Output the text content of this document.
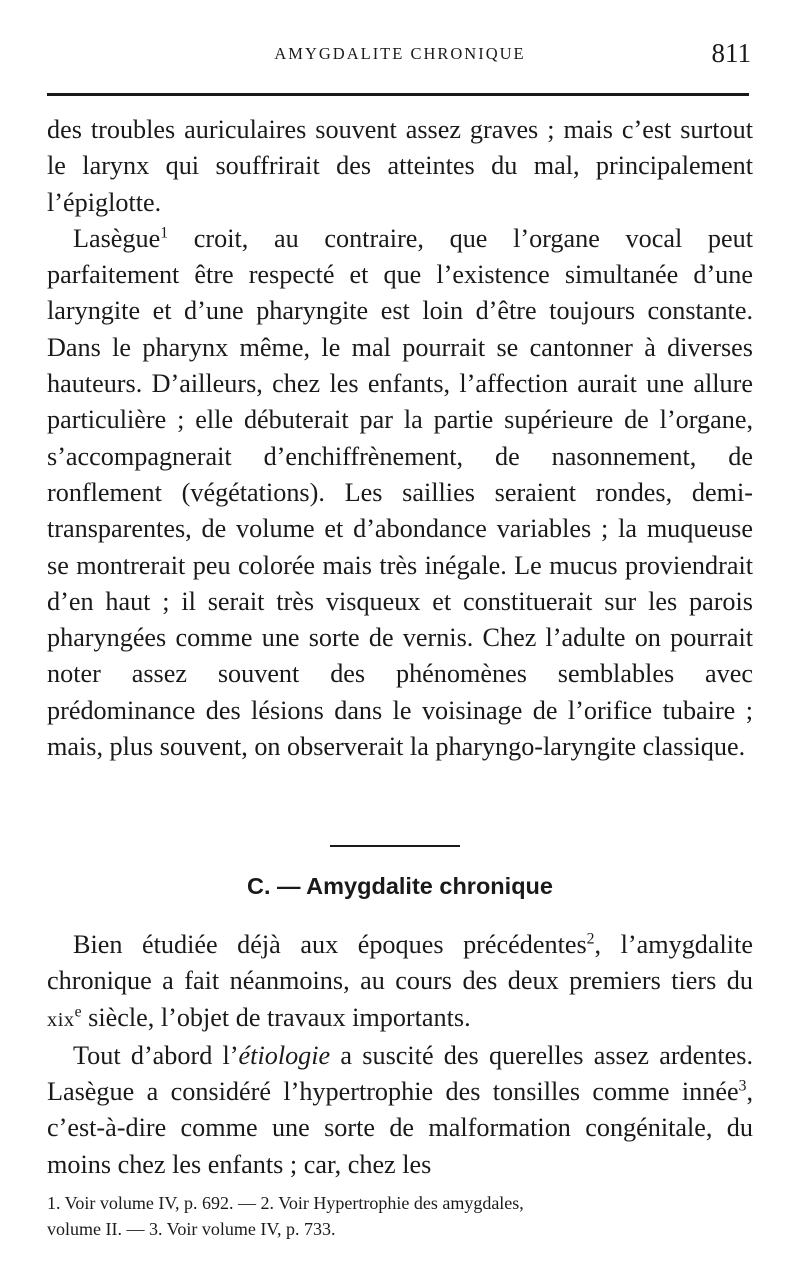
AMYGDALITE CHRONIQUE	811

des troubles auriculaires souvent assez graves ; mais c’est surtout le larynx qui souffrirait des atteintes du mal, principalement l’épiglotte.

Lasègue$^1$ croit, au contraire, que l’organe vocal peut parfaitement être respecté et que l’existence simultanée d’une laryngite et d’une pharyngite est loin d’être toujours constante. Dans le pharynx même, le mal pourrait se cantonner à diverses hauteurs. D’ailleurs, chez les enfants, l’affection aurait une allure particulière ; elle débuterait par la partie supérieure de l’organe, s’accompagnerait d’enchiffrènement, de nasonnement, de ronflement (végétations). Les saillies seraient rondes, demi-transparentes, de volume et d’abondance variables ; la muqueuse se montrerait peu colorée mais très inégale. Le mucus proviendrait d’en haut ; il serait très visqueux et constituerait sur les parois pharyngées comme une sorte de vernis. Chez l’adulte on pourrait noter assez souvent des phénomènes semblables avec prédominance des lésions dans le voisinage de l’orifice tubaire ; mais, plus souvent, on observerait la pharyngo-laryngite classique.

C. — Amygdalite chronique

Bien étudiée déjà aux époques précédentes$^2$, l’amygdalite chronique a fait néanmoins, au cours des deux premiers tiers du xix$^e$ siècle, l’objet de travaux importants.

Tout d’abord l’étiologie a suscité des querelles assez ardentes. Lasègue a considéré l’hypertrophie des tonsilles comme innée$^3$, c’est-à-dire comme une sorte de malformation congénitale, du moins chez les enfants ; car, chez les

1. Voir volume IV, p. 692. — 2. Voir Hypertrophie des amygdales,

volume II. — 3. Voir volume IV, p. 733.
